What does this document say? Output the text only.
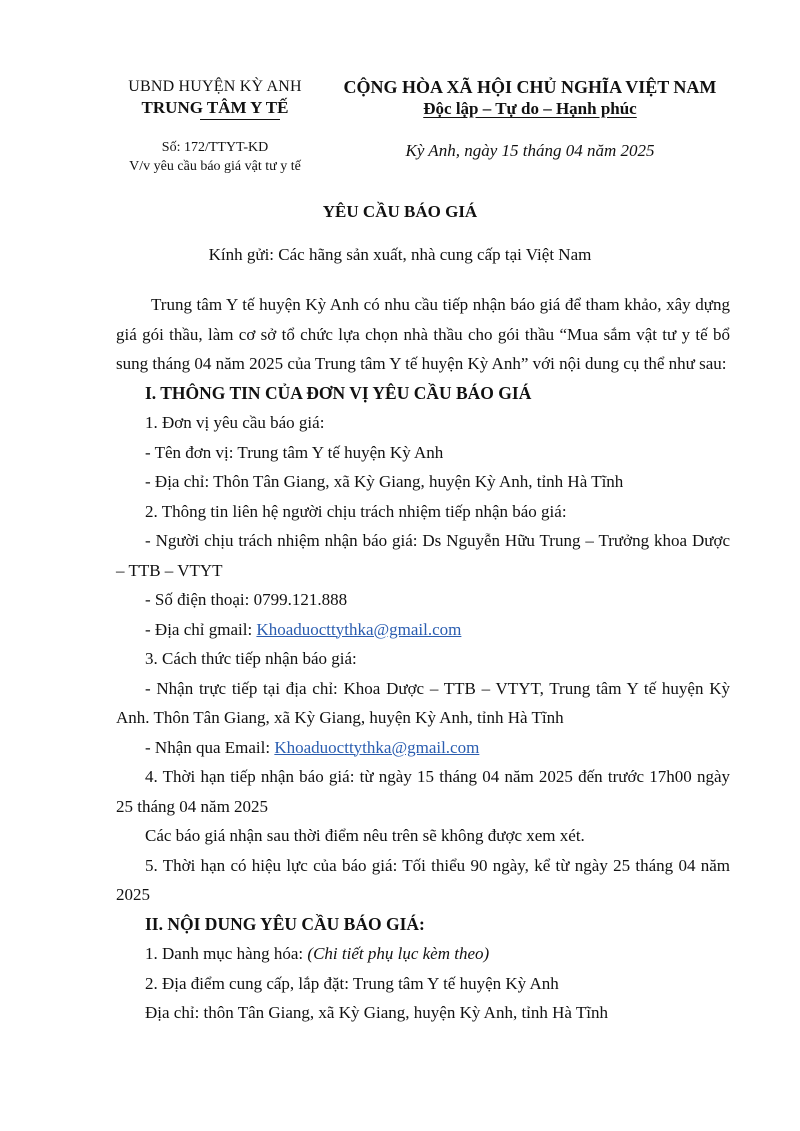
UBND HUYỆN KỲ ANH
TRUNG TÂM Y TẾ
CỘNG HÒA XÃ HỘI CHỦ NGHĨA VIỆT NAM
Độc lập – Tự do – Hạnh phúc
Số: 172/TTYT-KD
V/v yêu cầu báo giá vật tư y tế
Kỳ Anh, ngày 15 tháng 04 năm 2025
YÊU CẦU BÁO GIÁ
Kính gửi: Các hãng sản xuất, nhà cung cấp tại Việt Nam

Trung tâm Y tế huyện Kỳ Anh có nhu cầu tiếp nhận báo giá để tham khảo, xây dựng giá gói thầu, làm cơ sở tổ chức lựa chọn nhà thầu cho gói thầu “Mua sắm vật tư y tế bổ sung tháng 04 năm 2025 của Trung tâm Y tế huyện Kỳ Anh” với nội dung cụ thể như sau:

I. THÔNG TIN CỦA ĐƠN VỊ YÊU CẦU BÁO GIÁ

1. Đơn vị yêu cầu báo giá:

- Tên đơn vị: Trung tâm Y tế huyện Kỳ Anh

- Địa chỉ: Thôn Tân Giang, xã Kỳ Giang, huyện Kỳ Anh, tỉnh Hà Tĩnh

2. Thông tin liên hệ người chịu trách nhiệm tiếp nhận báo giá:

- Người chịu trách nhiệm nhận báo giá: Ds Nguyễn Hữu Trung – Trưởng khoa Dược – TTB – VTYT

- Số điện thoại: 0799.121.888

- Địa chỉ gmail: Khoaduocttythka@gmail.com

3. Cách thức tiếp nhận báo giá:

- Nhận trực tiếp tại địa chỉ: Khoa Dược – TTB – VTYT, Trung tâm Y tế huyện Kỳ Anh. Thôn Tân Giang, xã Kỳ Giang, huyện Kỳ Anh, tỉnh Hà Tĩnh

- Nhận qua Email: Khoaduocttythka@gmail.com

4. Thời hạn tiếp nhận báo giá: từ ngày 15 tháng 04 năm 2025 đến trước 17h00 ngày 25 tháng 04 năm 2025

Các báo giá nhận sau thời điểm nêu trên sẽ không được xem xét.

5. Thời hạn có hiệu lực của báo giá: Tối thiểu 90 ngày, kể từ ngày 25 tháng 04 năm 2025

II. NỘI DUNG YÊU CẦU BÁO GIÁ:

1. Danh mục hàng hóa: (Chi tiết phụ lục kèm theo)

2. Địa điểm cung cấp, lắp đặt: Trung tâm Y tế huyện Kỳ Anh

Địa chỉ: thôn Tân Giang, xã Kỳ Giang, huyện Kỳ Anh, tỉnh Hà Tĩnh
